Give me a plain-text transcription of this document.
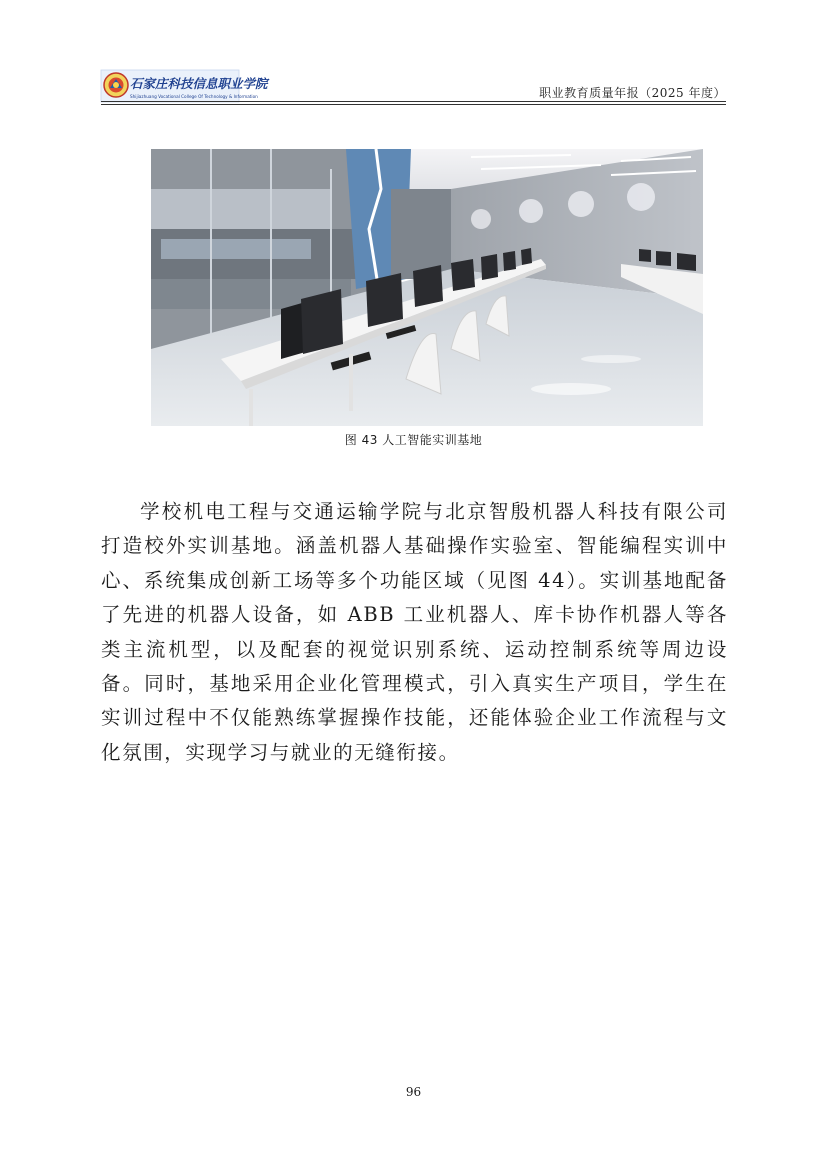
石家庄科技信息职业学院
Shijiazhuang Vocational College Of Technology & Information	职业教育质量年报（2025 年度）
图 43 人工智能实训基地

学校机电工程与交通运输学院与北京智殷机器人科技有限公司打造校外实训基地。涵盖机器人基础操作实验室、智能编程实训中心、系统集成创新工场等多个功能区域（见图 44）。实训基地配备了先进的机器人设备，如 ABB 工业机器人、库卡协作机器人等各类主流机型，以及配套的视觉识别系统、运动控制系统等周边设备。同时，基地采用企业化管理模式，引入真实生产项目，学生在实训过程中不仅能熟练掌握操作技能，还能体验企业工作流程与文化氛围，实现学习与就业的无缝衔接。

96
